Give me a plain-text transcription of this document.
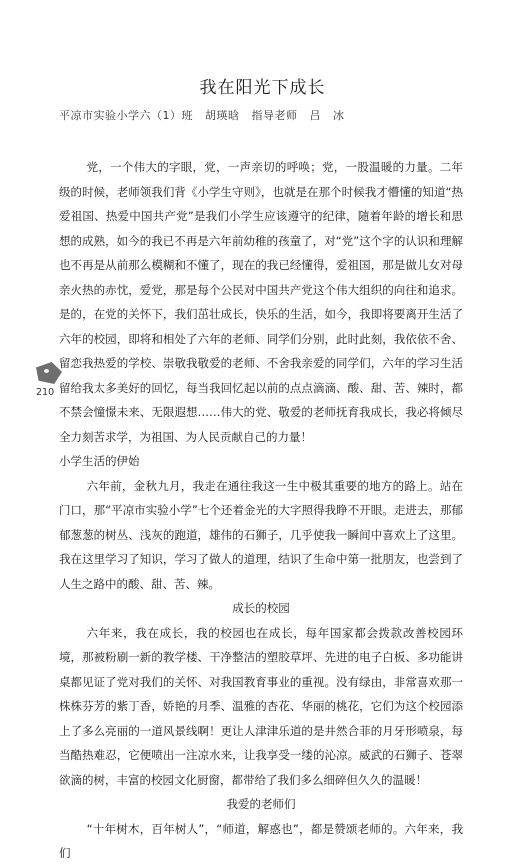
我在阳光下成长
平凉市实验小学六（1）班   胡瑛晗   指导老师   吕   冰
210

党，一个伟大的字眼，党，一声亲切的呼唤；党，一股温暖的力量。二年级的时候，老师领我们背《小学生守则》，也就是在那个时候我才懵懂的知道“热爱祖国、热爱中国共产党”是我们小学生应该遵守的纪律，随着年龄的增长和思想的成熟，如今的我已不再是六年前幼稚的孩童了，对“党”这个字的认识和理解也不再是从前那么模糊和不懂了，现在的我已经懂得，爱祖国，那是做儿女对母亲火热的赤忱，爱党，那是每个公民对中国共产党这个伟大组织的向往和追求。是的，在党的关怀下，我们茁壮成长，快乐的生活，如今，我即将要离开生活了六年的校园，即将和相处了六年的老师、同学们分别，此时此刻，我依依不舍、留恋我热爱的学校、崇敬我敬爱的老师、不舍我亲爱的同学们，六年的学习生活留给我太多美好的回忆，每当我回忆起以前的点点滴滴、酸、甜、苦、辣时，都不禁会憧憬未来、无限遐想……伟大的党、敬爱的老师抚育我成长，我必将倾尽全力刻苦求学，为祖国、为人民贡献自己的力量！

小学生活的伊始

六年前，金秋九月，我走在通往我这一生中极其重要的地方的路上。站在门口，那“平凉市实验小学”七个还着金光的大字照得我睁不开眼。走进去，那郁郁葱葱的树丛、浅灰的跑道，雄伟的石狮子，几乎使我一瞬间中喜欢上了这里。我在这里学习了知识，学习了做人的道理，结识了生命中第一批朋友，也尝到了人生之路中的酸、甜、苦、辣。

成长的校园

六年来，我在成长，我的校园也在成长，每年国家都会拨款改善校园环境，那被粉刷一新的教学楼、干净整洁的塑胶草坪、先进的电子白板、多功能讲桌都见证了党对我们的关怀、对我国教育事业的重视。没有绿由，非常喜欢那一株株芬芳的紫丁香，娇艳的月季、温雅的杏花、华丽的桃花，它们为这个校园添上了多么亮丽的一道风景线啊！更让人津津乐道的是井然合菲的月牙形喷泉，每当酷热难忍，它便喷出一注凉水来，让我享受一缕的沁凉。威武的石狮子、苍翠欲滴的树，丰富的校园文化厨窗，都带给了我们多么细碎但久久的温暖！

我爱的老师们

“十年树木，百年树人”，“师道，解惑也”，都是赞颂老师的。六年来，我们
